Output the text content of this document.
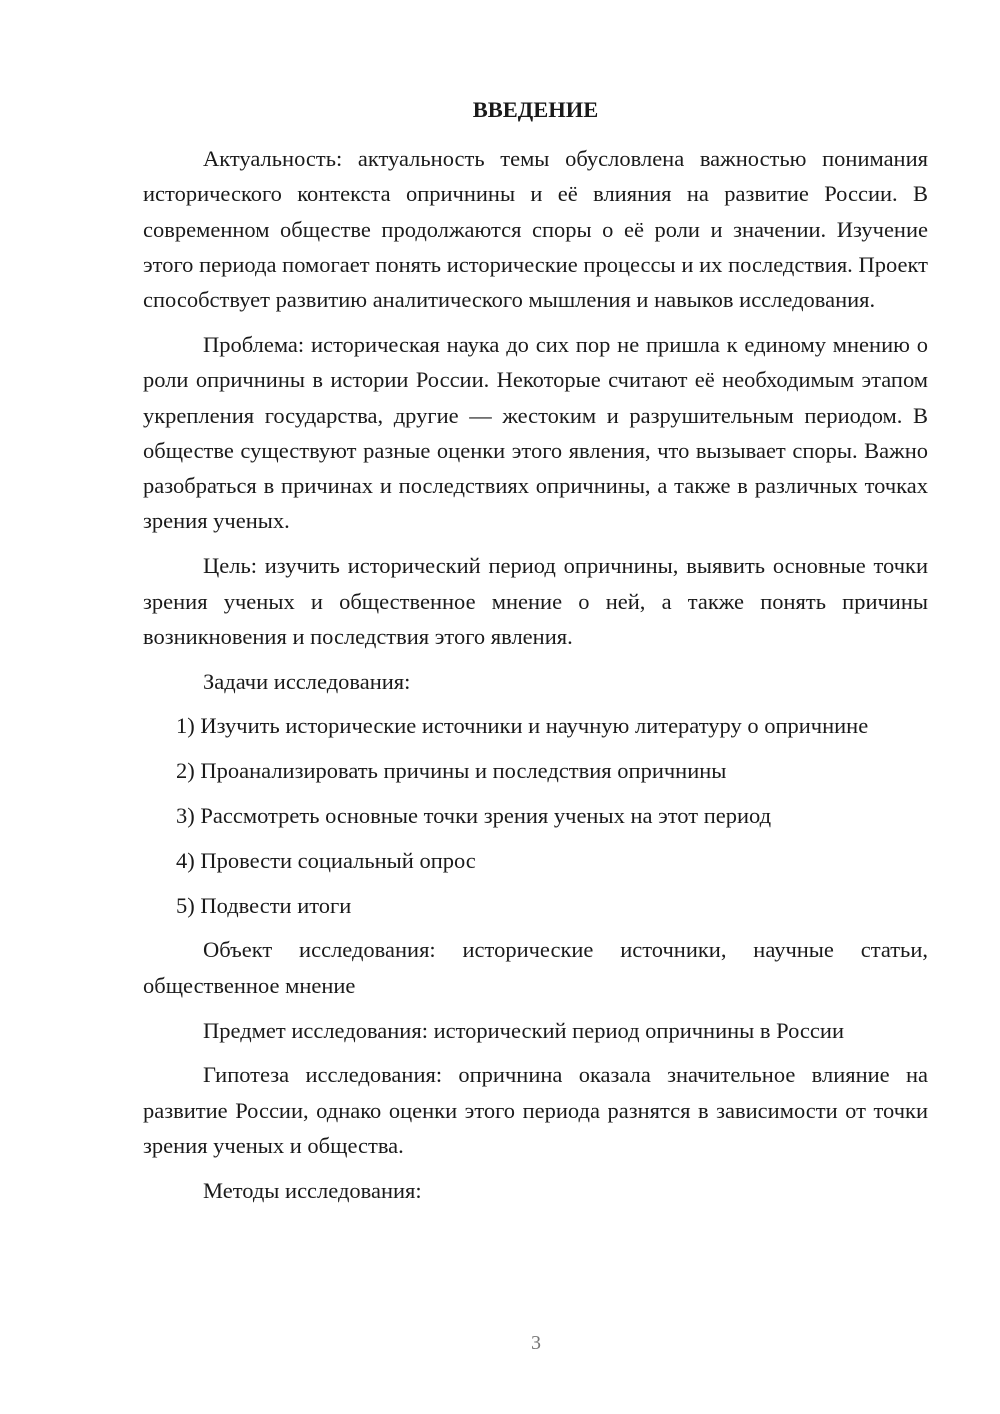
ВВЕДЕНИЕ

Актуальность: актуальность темы обусловлена важностью понимания исторического контекста опричнины и её влияния на развитие России. В современном обществе продолжаются споры о её роли и значении. Изучение этого периода помогает понять исторические процессы и их последствия. Проект способствует развитию аналитического мышления и навыков исследования.

Проблема: историческая наука до сих пор не пришла к единому мнению о роли опричнины в истории России. Некоторые считают её необходимым этапом укрепления государства, другие — жестоким и разрушительным периодом. В обществе существуют разные оценки этого явления, что вызывает споры. Важно разобраться в причинах и последствиях опричнины, а также в различных точках зрения ученых.

Цель: изучить исторический период опричнины, выявить основные точки зрения ученых и общественное мнение о ней, а также понять причины возникновения и последствия этого явления.

Задачи исследования:

1) Изучить исторические источники и научную литературу о опричнине

2) Проанализировать причины и последствия опричнины

3) Рассмотреть основные точки зрения ученых на этот период

4) Провести социальный опрос

5) Подвести итоги

Объект исследования: исторические источники, научные статьи, общественное мнение

Предмет исследования: исторический период опричнины в России

Гипотеза исследования: опричнина оказала значительное влияние на развитие России, однако оценки этого периода разнятся в зависимости от точки зрения ученых и общества.

Методы исследования:

3
